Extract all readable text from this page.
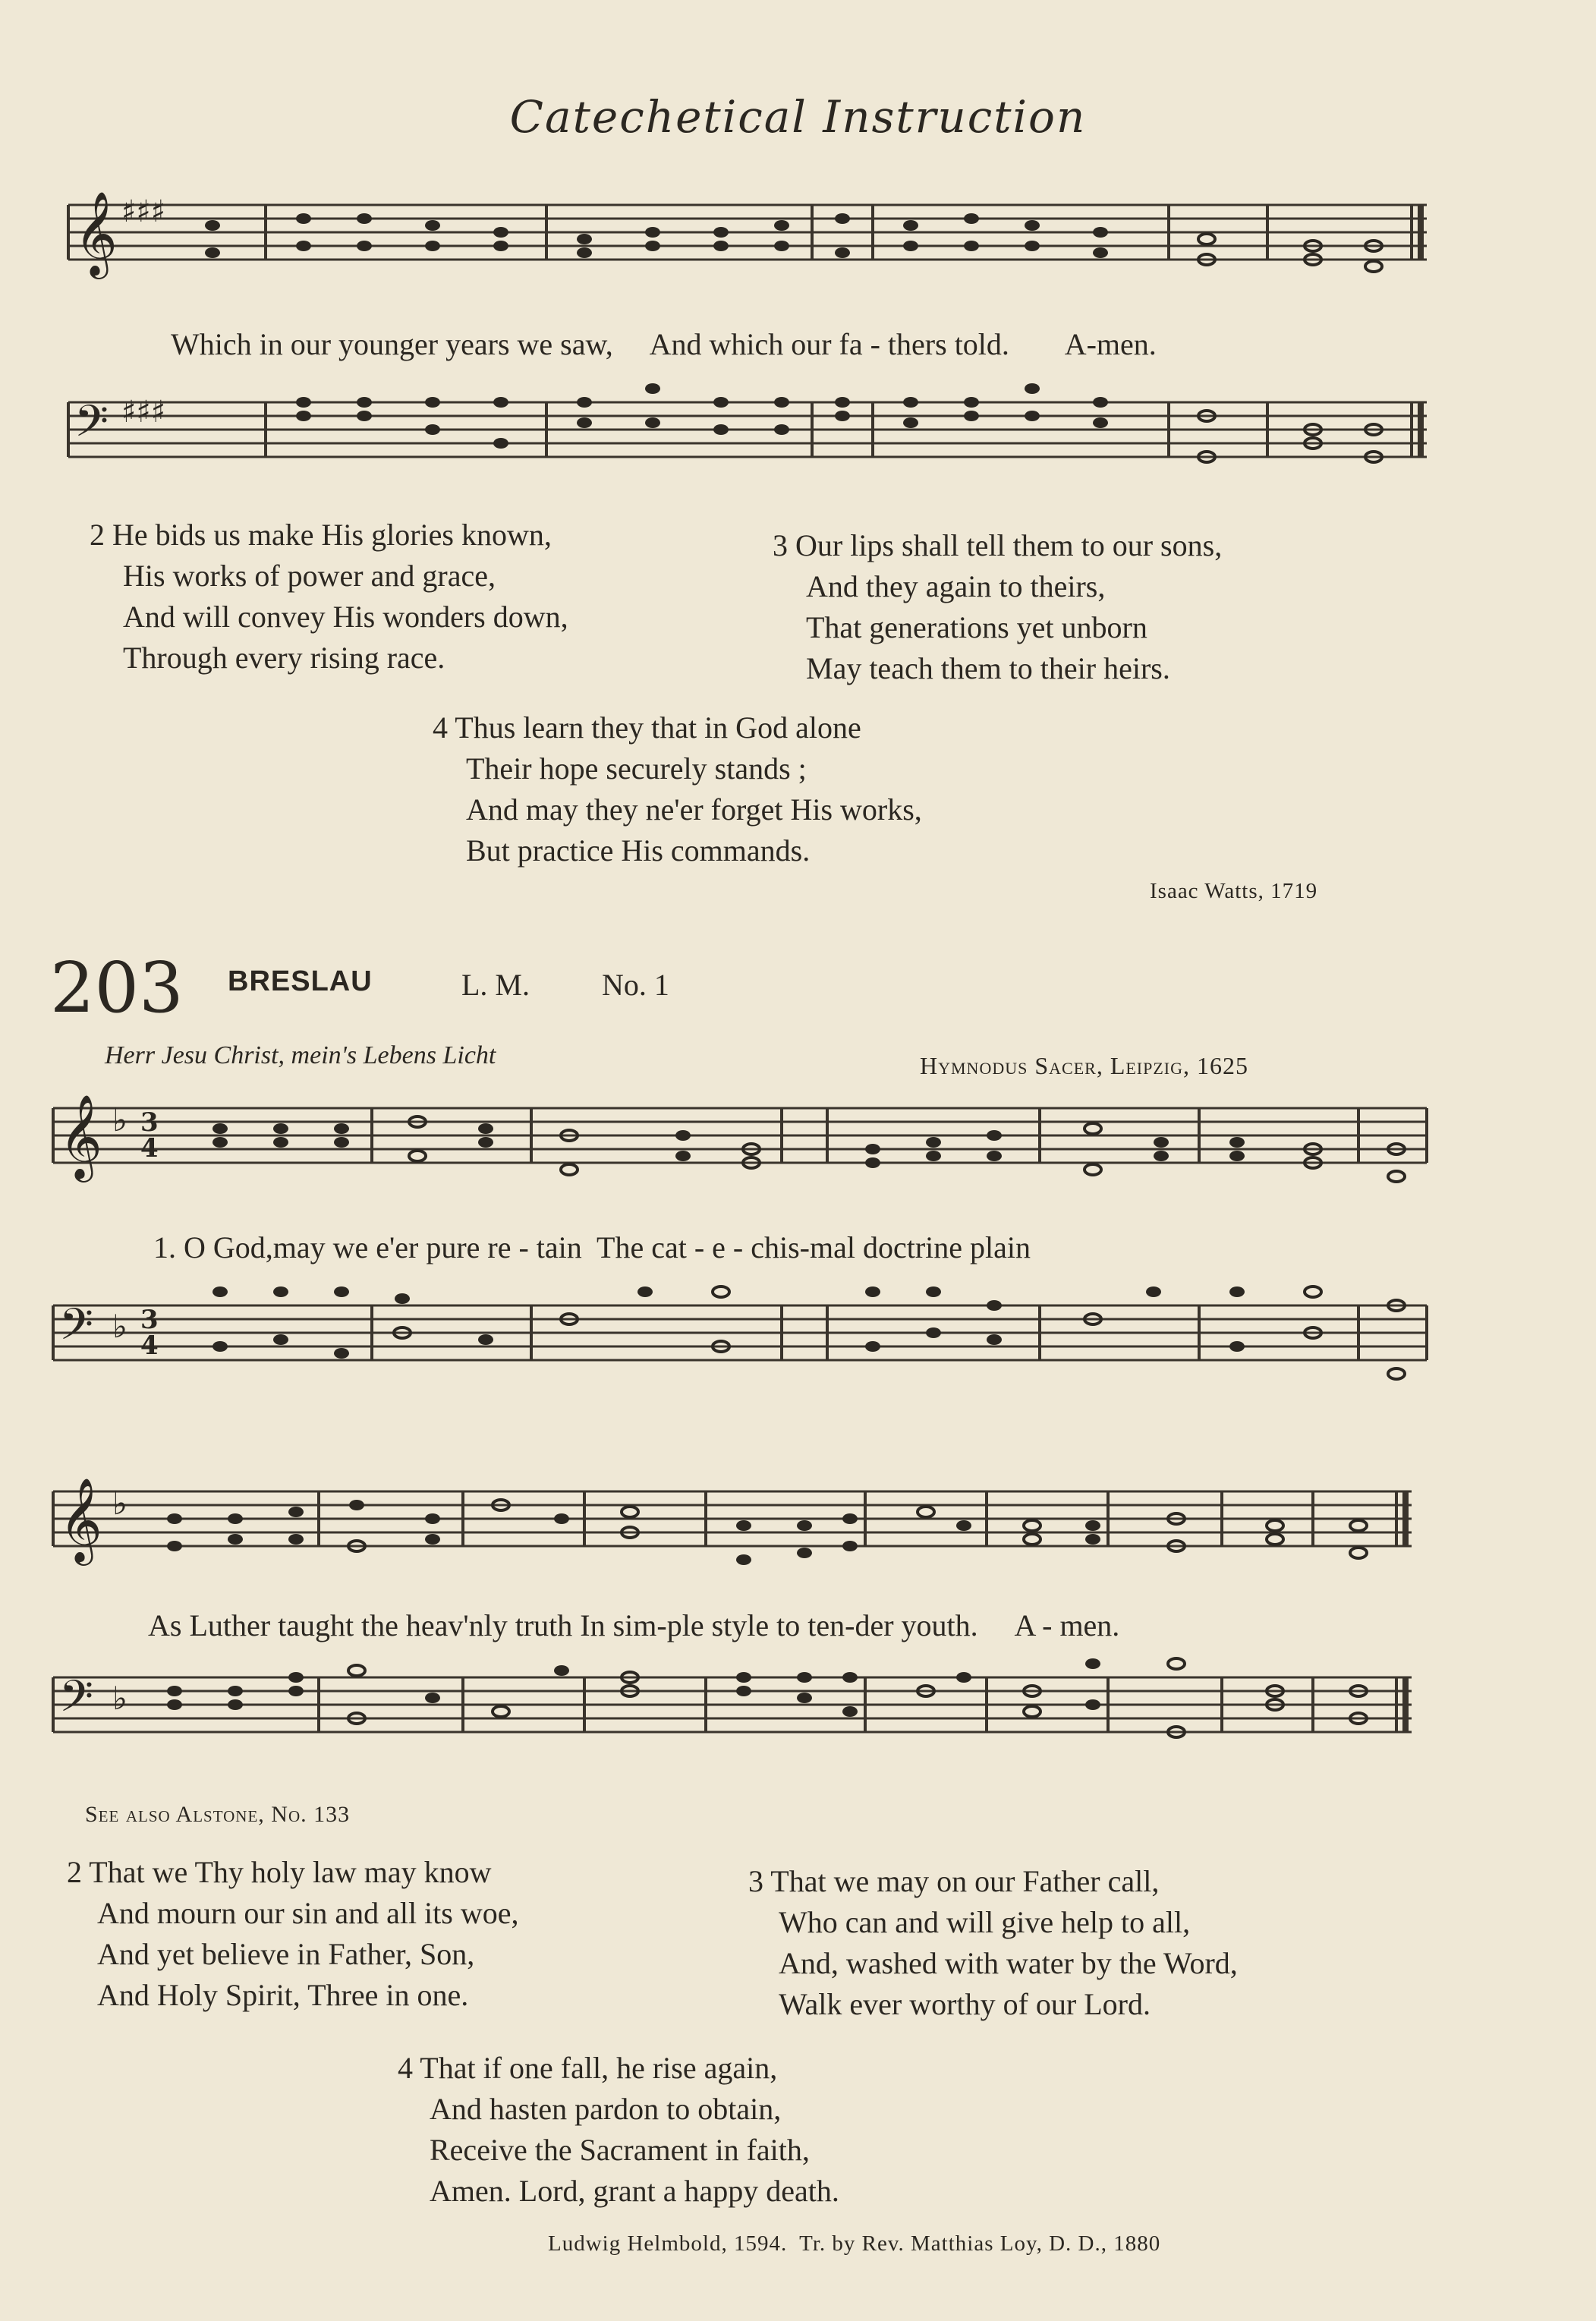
Catechetical Instruction
𝄞 ♯♯♯
Which in our younger years we saw, And which our fa - thers told. A-men.
𝄢 ♯♯♯
2 He bids us make His glories known,
His works of power and grace,
And will convey His wonders down,
Through every rising race.
3 Our lips shall tell them to our sons,
And they again to theirs,
That generations yet unborn
May teach them to their heirs.
4 Thus learn they that in God alone
Their hope securely stands ;
And may they ne'er forget His works,
But practice His commands.
Isaac Watts, 1719
203 BRESLAU	L. M. No. 1
Herr Jesu Christ, mein's Lebens Licht	Hymnodus Sacer, Leipzig, 1625
𝄞 ♭ 3
4
1. O God,may we e'er pure re - tain  The cat - e - chis-mal doctrine plain
𝄢 ♭ 3
4
𝄞 ♭
As Luther taught the heav'nly truth In sim-ple style to ten-der youth. A - men.
𝄢 ♭
See also Alstone, No. 133
2 That we Thy holy law may know
And mourn our sin and all its woe,
And yet believe in Father, Son,
And Holy Spirit, Three in one.
3 That we may on our Father call,
Who can and will give help to all,
And, washed with water by the Word,
Walk ever worthy of our Lord.
4 That if one fall, he rise again,
And hasten pardon to obtain,
Receive the Sacrament in faith,
Amen. Lord, grant a happy death.
Ludwig Helmbold, 1594.  Tr. by Rev. Matthias Loy, D. D., 1880
